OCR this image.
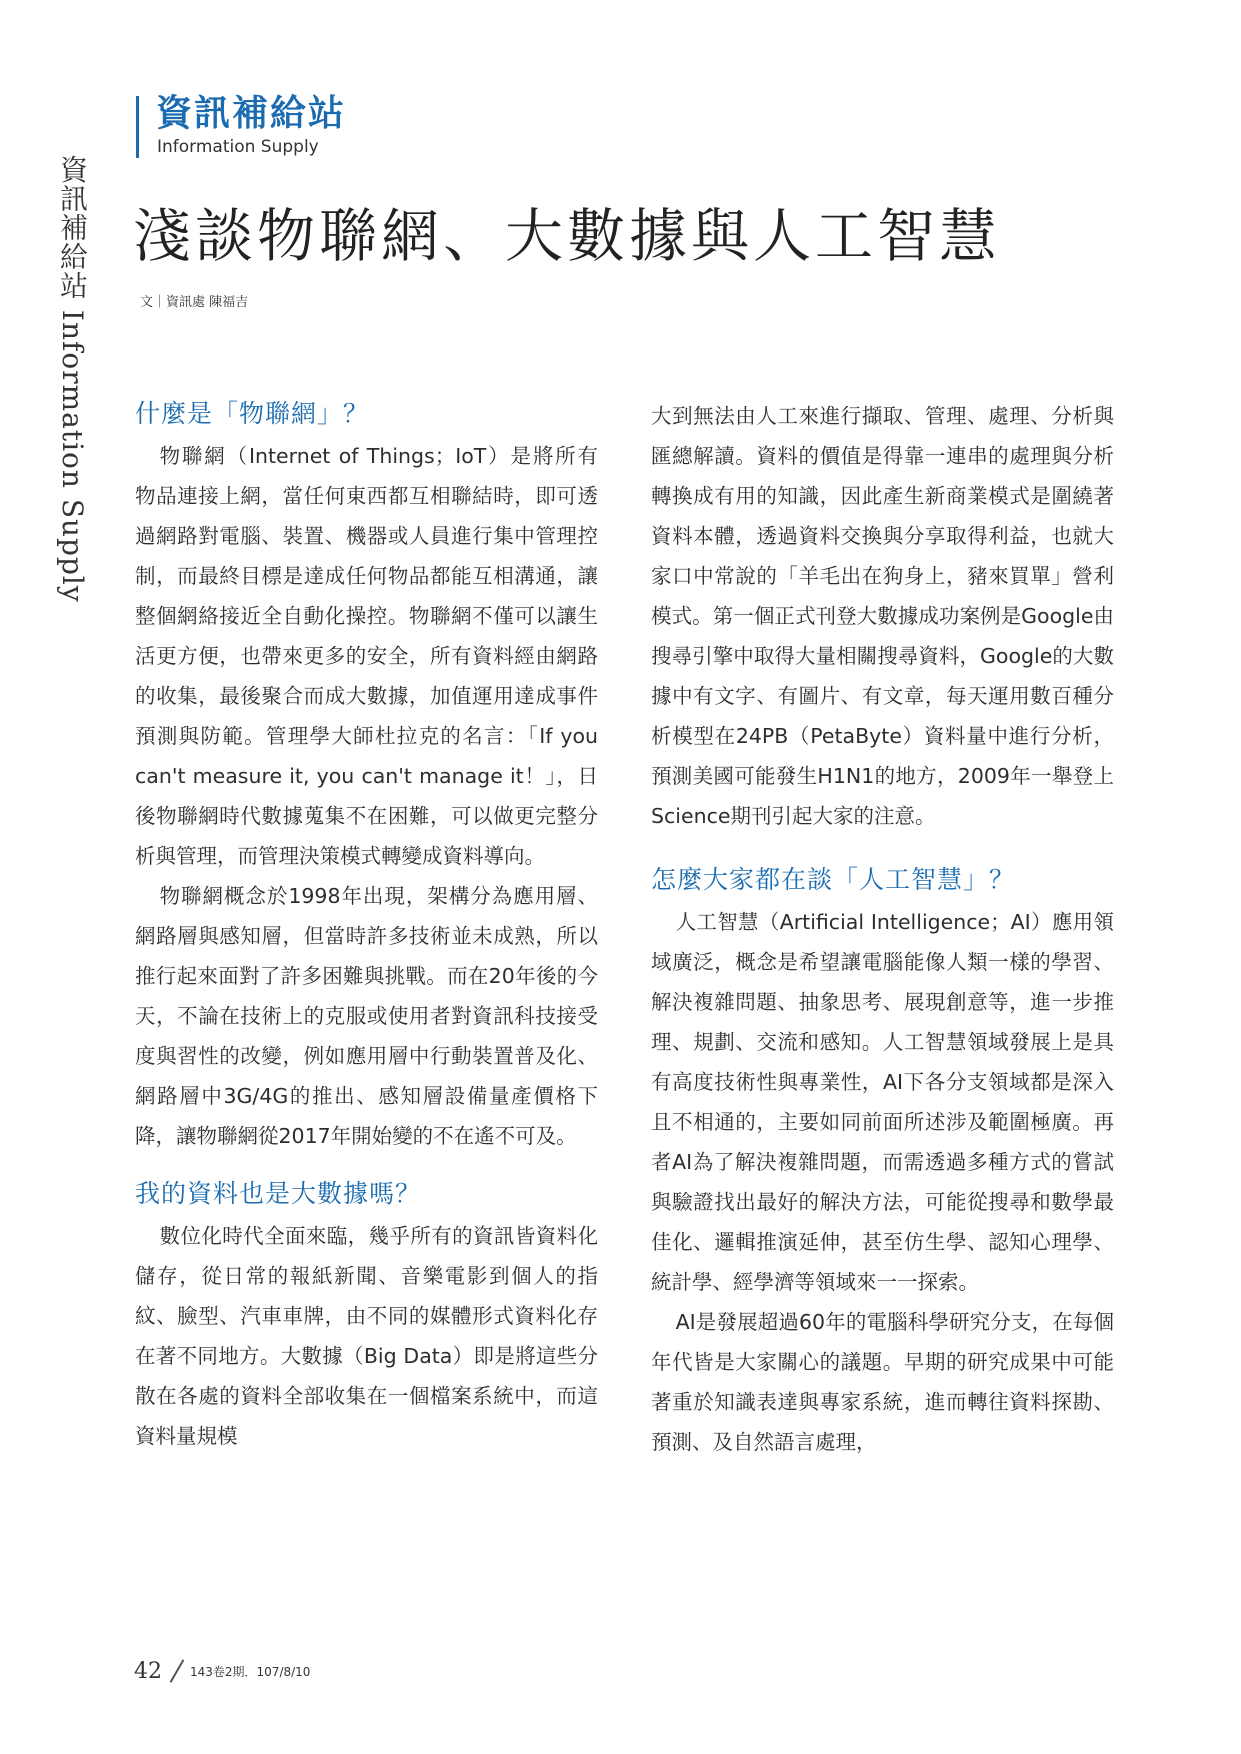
資訊補給站 Information Supply
資訊補給站
Information Supply
淺談物聯網、大數據與人工智慧
文｜資訊處 陳福吉
什麼是「物聯網」？

物聯網（Internet of Things；IoT）是將所有物品連接上網，當任何東西都互相聯結時，即可透過網路對電腦、裝置、機器或人員進行集中管理控制，而最終目標是達成任何物品都能互相溝通，讓整個網絡接近全自動化操控。物聯網不僅可以讓生活更方便，也帶來更多的安全，所有資料經由網路的收集，最後聚合而成大數據，加值運用達成事件預測與防範。管理學大師杜拉克的名言：「If you can't measure it, you can't manage it！」，日後物聯網時代數據蒐集不在困難，可以做更完整分析與管理，而管理決策模式轉變成資料導向。

物聯網概念於1998年出現，架構分為應用層、網路層與感知層，但當時許多技術並未成熟，所以推行起來面對了許多困難與挑戰。而在20年後的今天，不論在技術上的克服或使用者對資訊科技接受度與習性的改變，例如應用層中行動裝置普及化、網路層中3G/4G的推出、感知層設備量產價格下降，讓物聯網從2017年開始變的不在遙不可及。

我的資料也是大數據嗎？

數位化時代全面來臨，幾乎所有的資訊皆資料化儲存，從日常的報紙新聞、音樂電影到個人的指紋、臉型、汽車車牌，由不同的媒體形式資料化存在著不同地方。大數據（Big Data）即是將這些分散在各處的資料全部收集在一個檔案系統中，而這資料量規模

大到無法由人工來進行擷取、管理、處理、分析與匯總解讀。資料的價值是得靠一連串的處理與分析轉換成有用的知識，因此產生新商業模式是圍繞著資料本體，透過資料交換與分享取得利益，也就大家口中常說的「羊毛出在狗身上，豬來買單」營利模式。第一個正式刊登大數據成功案例是Google由搜尋引擎中取得大量相關搜尋資料，Google的大數據中有文字、有圖片、有文章，每天運用數百種分析模型在24PB（PetaByte）資料量中進行分析，預測美國可能發生H1N1的地方，2009年一舉登上Science期刊引起大家的注意。

怎麼大家都在談「人工智慧」？

人工智慧（Artificial Intelligence；AI）應用領域廣泛，概念是希望讓電腦能像人類一樣的學習、解決複雜問題、抽象思考、展現創意等，進一步推理、規劃、交流和感知。人工智慧領域發展上是具有高度技術性與專業性，AI下各分支領域都是深入且不相通的，主要如同前面所述涉及範圍極廣。再者AI為了解決複雜問題，而需透過多種方式的嘗試與驗證找出最好的解決方法，可能從搜尋和數學最佳化、邏輯推演延伸，甚至仿生學、認知心理學、統計學、經學濟等領域來一一探索。

AI是發展超過60年的電腦科學研究分支，在每個年代皆是大家關心的議題。早期的研究成果中可能著重於知識表達與專家系統，進而轉往資料探勘、預測、及自然語言處理，

42 143卷2期．107/8/10
